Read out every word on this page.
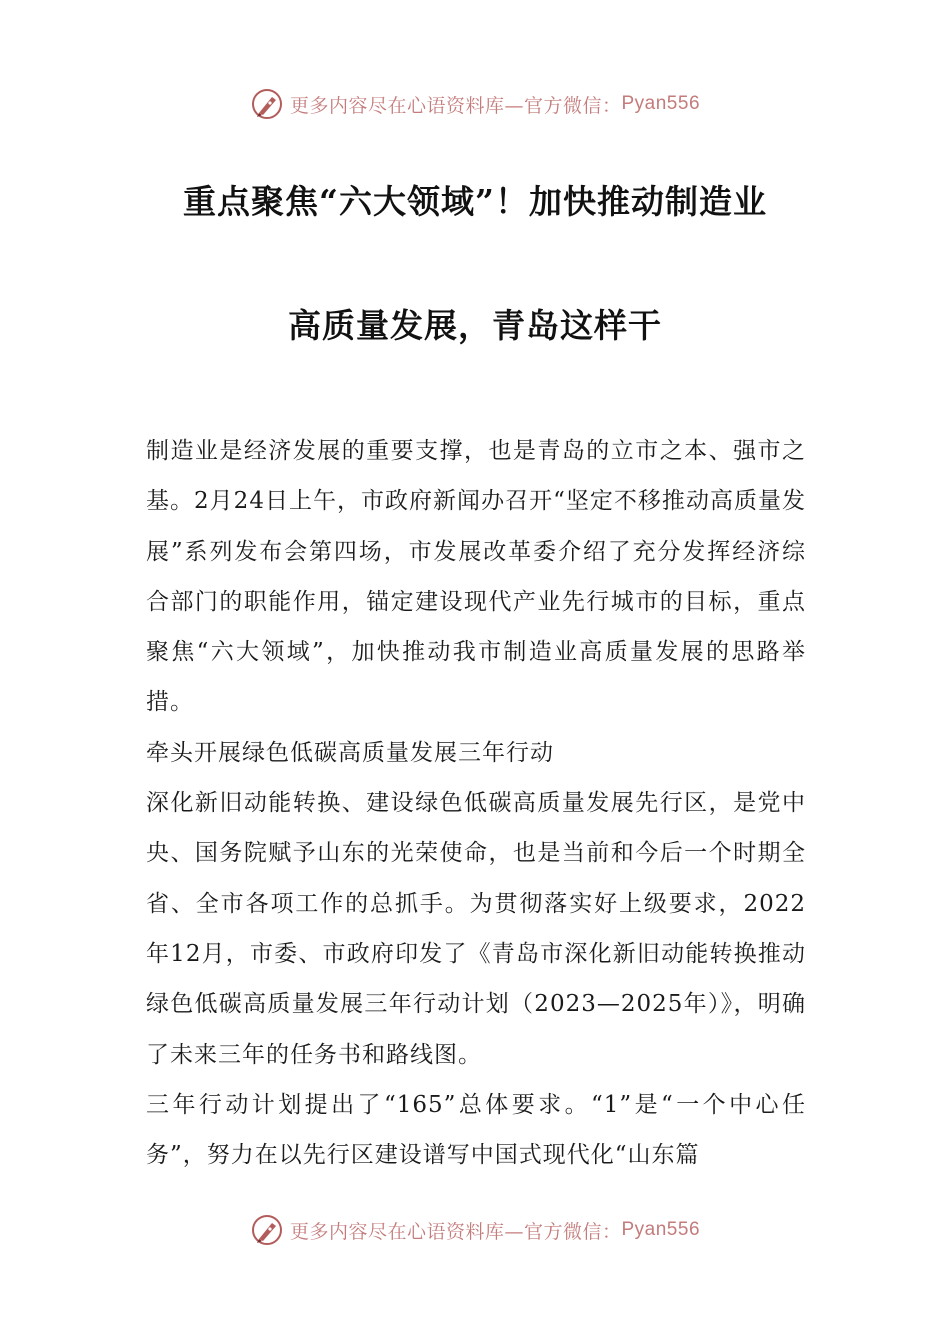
更多内容尽在心语资料库—官方微信： Pyan556
重点聚焦“六大领域”！加快推动制造业
高质量发展，青岛这样干

制造业是经济发展的重要支撑，也是青岛的立市之本、强市之基。2月24日上午，市政府新闻办召开“坚定不移推动高质量发展”系列发布会第四场，市发展改革委介绍了充分发挥经济综合部门的职能作用，锚定建设现代产业先行城市的目标，重点聚焦“六大领域”，加快推动我市制造业高质量发展的思路举措。

牵头开展绿色低碳高质量发展三年行动

深化新旧动能转换、建设绿色低碳高质量发展先行区，是党中央、国务院赋予山东的光荣使命，也是当前和今后一个时期全省、全市各项工作的总抓手。为贯彻落实好上级要求，2022年12月，市委、市政府印发了《青岛市深化新旧动能转换推动绿色低碳高质量发展三年行动计划（2023—2025年）》，明确了未来三年的任务书和路线图。

三年行动计划提出了“165”总体要求。“1”是“一个中心任务”，努力在以先行区建设谱写中国式现代化“山东篇

更多内容尽在心语资料库—官方微信： Pyan556
